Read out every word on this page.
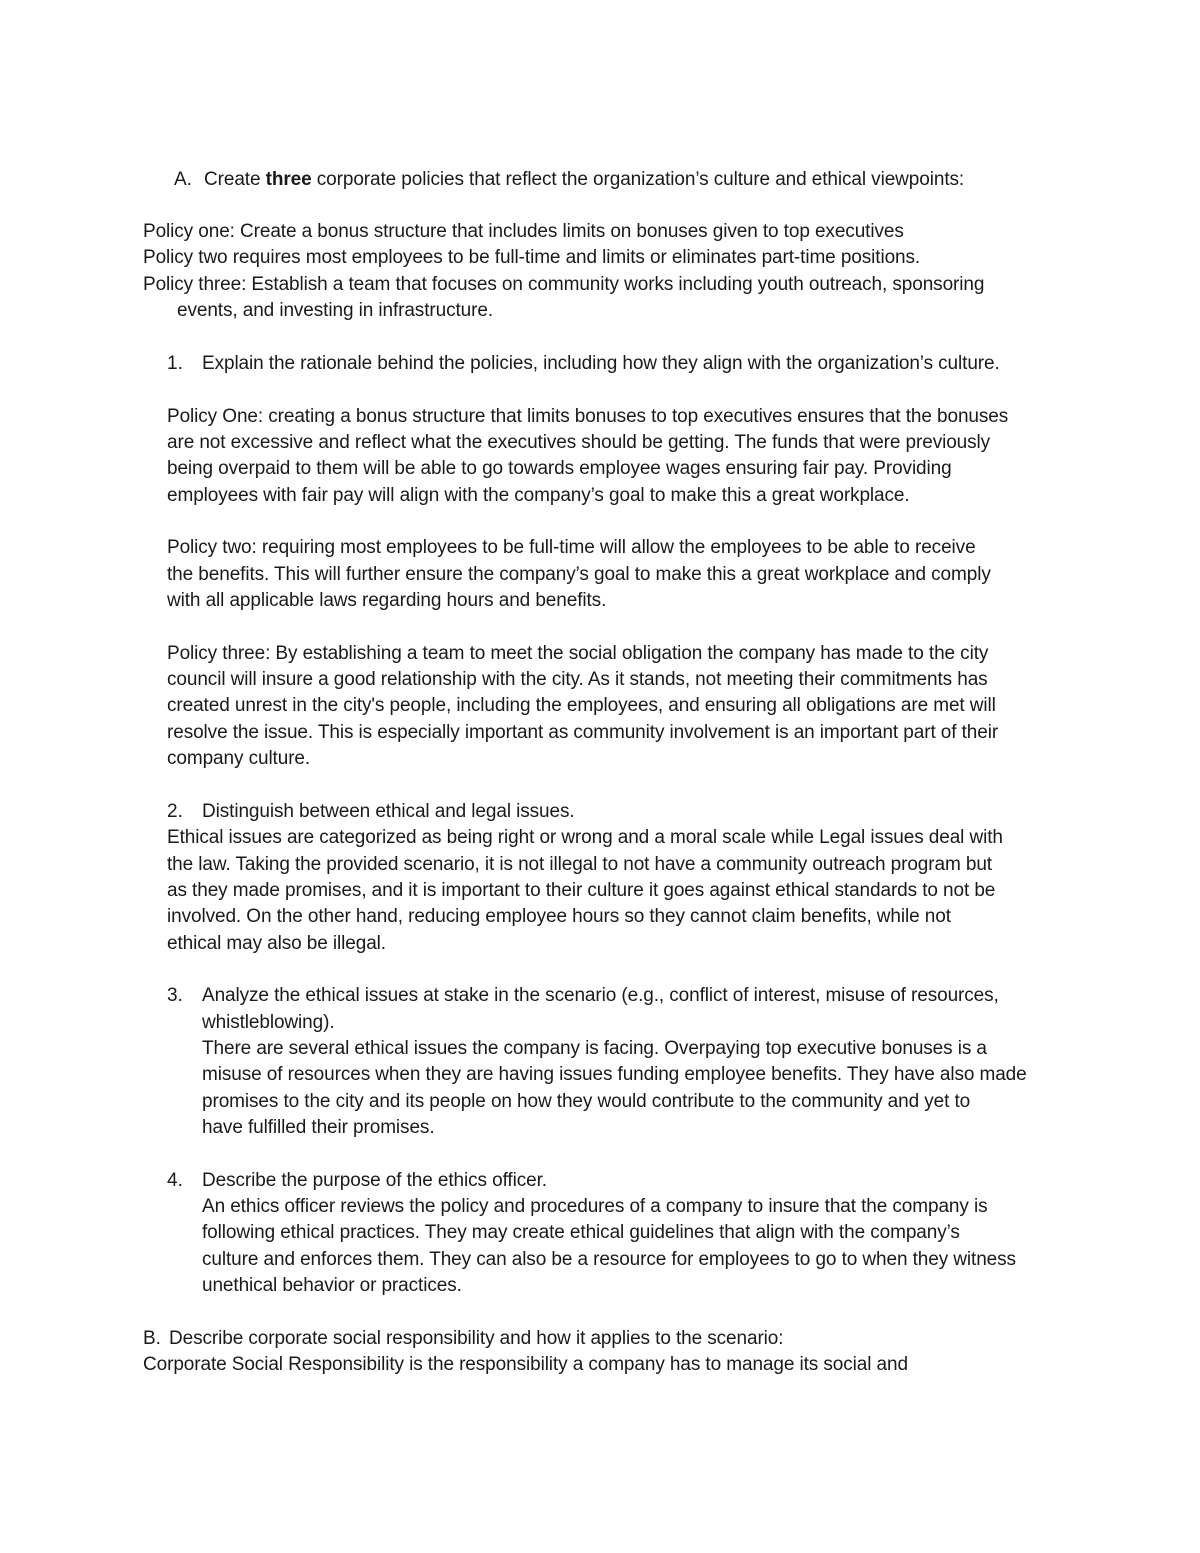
A. Create three corporate policies that reflect the organization’s culture and ethical viewpoints:
Policy one: Create a bonus structure that includes limits on bonuses given to top executives
Policy two requires most employees to be full-time and limits or eliminates part-time positions.
Policy three: Establish a team that focuses on community works including youth outreach, sponsoring
events, and investing in infrastructure.
1. Explain the rationale behind the policies, including how they align with the organization’s culture.
Policy One: creating a bonus structure that limits bonuses to top executives ensures that the bonuses
are not excessive and reflect what the executives should be getting. The funds that were previously
being overpaid to them will be able to go towards employee wages ensuring fair pay. Providing
employees with fair pay will align with the company’s goal to make this a great workplace.
Policy two: requiring most employees to be full-time will allow the employees to be able to receive
the benefits. This will further ensure the company’s goal to make this a great workplace and comply
with all applicable laws regarding hours and benefits.
Policy three: By establishing a team to meet the social obligation the company has made to the city
council will insure a good relationship with the city. As it stands, not meeting their commitments has
created unrest in the city's people, including the employees, and ensuring all obligations are met will
resolve the issue. This is especially important as community involvement is an important part of their
company culture.
2. Distinguish between ethical and legal issues.
Ethical issues are categorized as being right or wrong and a moral scale while Legal issues deal with
the law. Taking the provided scenario, it is not illegal to not have a community outreach program but
as they made promises, and it is important to their culture it goes against ethical standards to not be
involved. On the other hand, reducing employee hours so they cannot claim benefits, while not
ethical may also be illegal.
3. Analyze the ethical issues at stake in the scenario (e.g., conflict of interest, misuse of resources,
whistleblowing).
There are several ethical issues the company is facing. Overpaying top executive bonuses is a
misuse of resources when they are having issues funding employee benefits. They have also made
promises to the city and its people on how they would contribute to the community and yet to
have fulfilled their promises.
4. Describe the purpose of the ethics officer.
An ethics officer reviews the policy and procedures of a company to insure that the company is
following ethical practices. They may create ethical guidelines that align with the company’s
culture and enforces them. They can also be a resource for employees to go to when they witness
unethical behavior or practices.
B. Describe corporate social responsibility and how it applies to the scenario:
Corporate Social Responsibility is the responsibility a company has to manage its social and
